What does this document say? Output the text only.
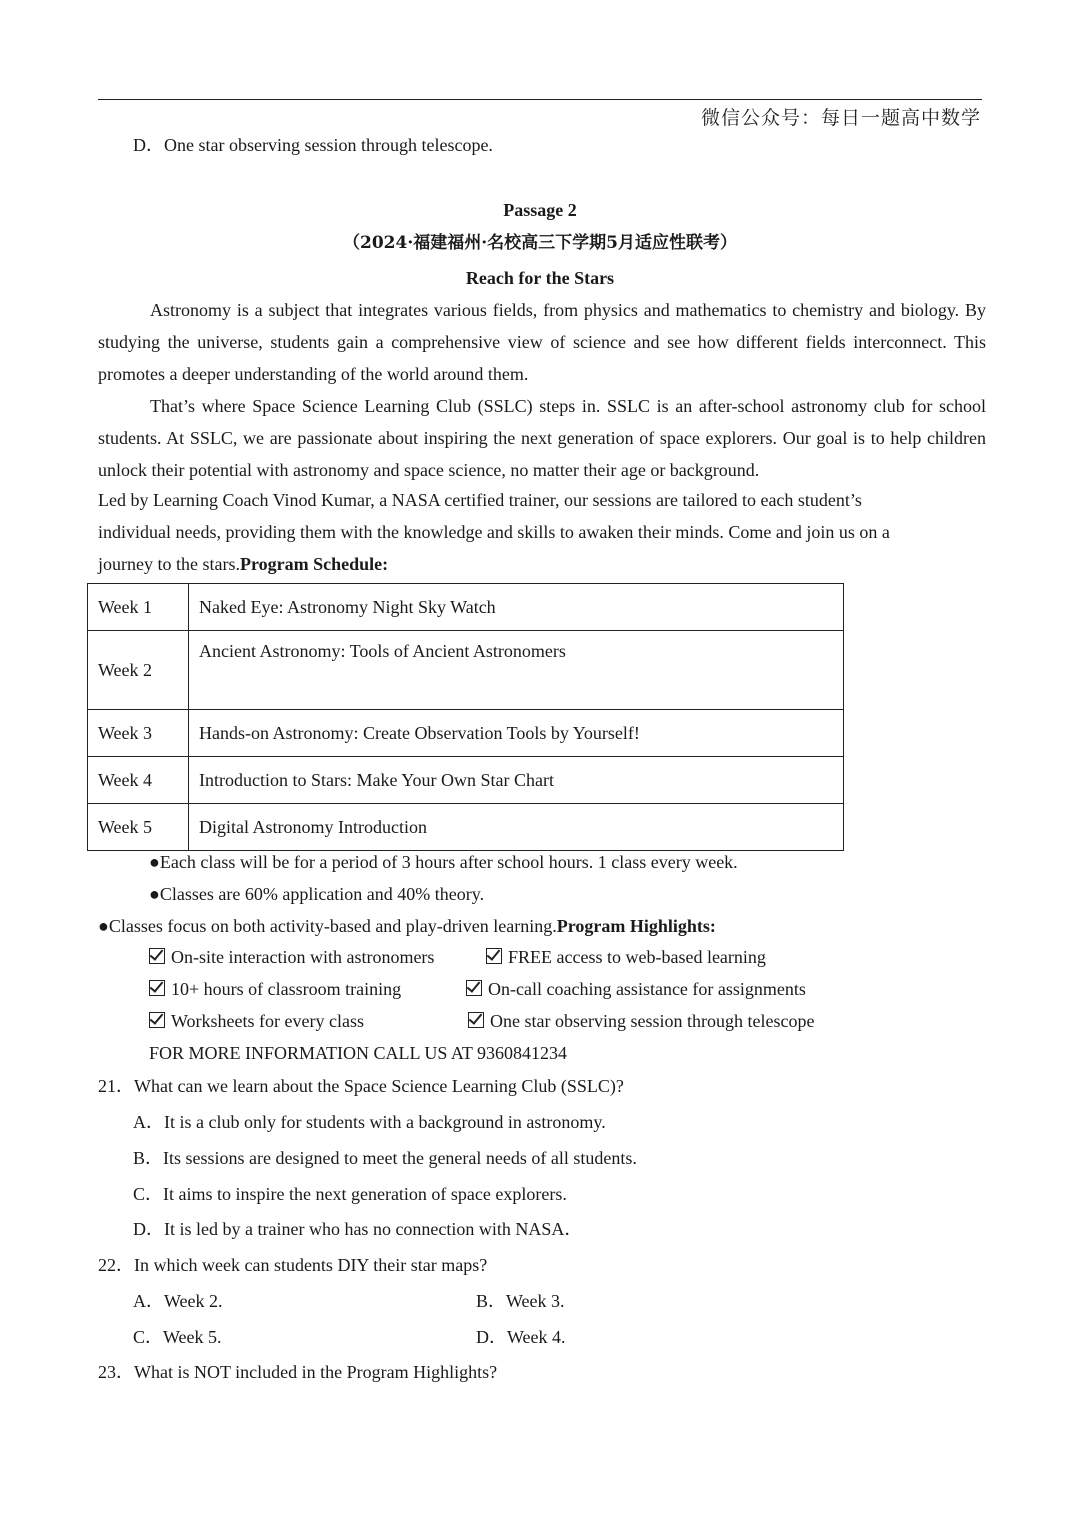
微信公众号：每日一题高中数学
D．One star observing session through telescope.
Passage 2
（2024·福建福州·名校高三下学期5月适应性联考）
Reach for the Stars

Astronomy is a subject that integrates various fields, from physics and mathematics to chemistry and biology. By studying the universe, students gain a comprehensive view of science and see how different fields interconnect. This promotes a deeper understanding of the world around them.

That’s where Space Science Learning Club (SSLC) steps in. SSLC is an after-school astronomy club for school students. At SSLC, we are passionate about inspiring the next generation of space explorers. Our goal is to help children unlock their potential with astronomy and space science, no matter their age or background.

Led by Learning Coach Vinod Kumar, a NASA certified trainer, our sessions are tailored to each student’s
individual needs, providing them with the knowledge and skills to awaken their minds. Come and join us on a
journey to the stars.Program Schedule:
Week 1	Naked Eye: Astronomy Night Sky Watch
Week 2	Ancient Astronomy: Tools of Ancient Astronomers
Week 3	Hands-on Astronomy: Create Observation Tools by Yourself!
Week 4	Introduction to Stars: Make Your Own Star Chart
Week 5	Digital Astronomy Introduction
●Each class will be for a period of 3 hours after school hours. 1 class every week.
●Classes are 60% application and 40% theory.
●Classes focus on both activity-based and play-driven learning.Program Highlights:
On-site interaction with astronomers	FREE access to web-based learning
10+ hours of classroom training	On-call coaching assistance for assignments
Worksheets for every class	One star observing session through telescope
FOR MORE INFORMATION CALL US AT 9360841234
21．What can we learn about the Space Science Learning Club (SSLC)?
A．It is a club only for students with a background in astronomy.
B．Its sessions are designed to meet the general needs of all students.
C．It aims to inspire the next generation of space explorers.
D．It is led by a trainer who has no connection with NASA．
22．In which week can students DIY their star maps?
A．Week 2.	B．Week 3.
C．Week 5.	D．Week 4.
23．What is NOT included in the Program Highlights?
